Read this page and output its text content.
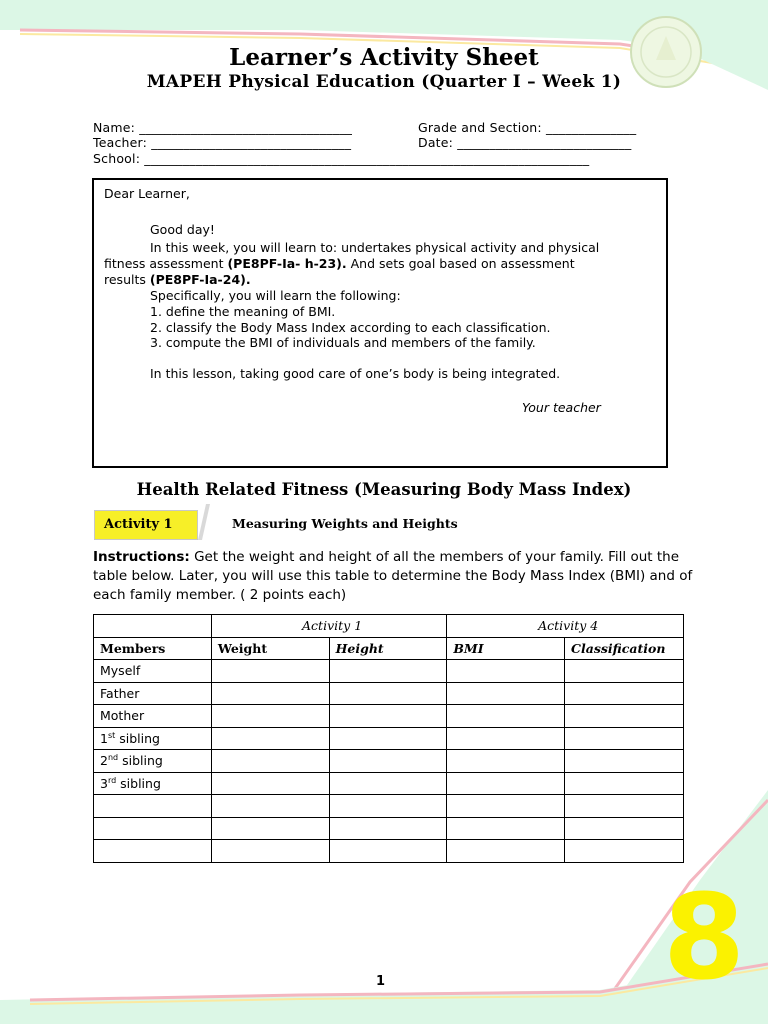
Learner’s Activity Sheet
MAPEH Physical Education (Quarter I – Week 1)
Name: _________________________________	Grade and Section: ______________
Teacher: _______________________________	Date: ___________________________
School: _____________________________________________________________________

Dear Learner,

Good day!

In this week, you will learn to: undertakes physical activity and physical

fitness assessment (PE8PF-Ia- h-23). And sets goal based on assessment

results (PE8PF-Ia-24).

Specifically, you will learn the following:

1. define the meaning of BMI.

2. classify the Body Mass Index according to each classification.

3. compute the BMI of individuals and members of the family.

In this lesson, taking good care of one’s body is being integrated.

Your teacher

Health Related Fitness (Measuring Body Mass Index)
Activity 1	Measuring Weights and Heights
Instructions: Get the weight and height of all the members of your family. Fill out the table below. Later, you will use this table to determine the Body Mass Index (BMI) and of each family member. ( 2 points each)
	Activity 1		Activity 4	
Members	Weight	Height	BMI	Classification
Myself				
Father				
Mother				
1st sibling				
2nd sibling				
3rd sibling				

8
1
